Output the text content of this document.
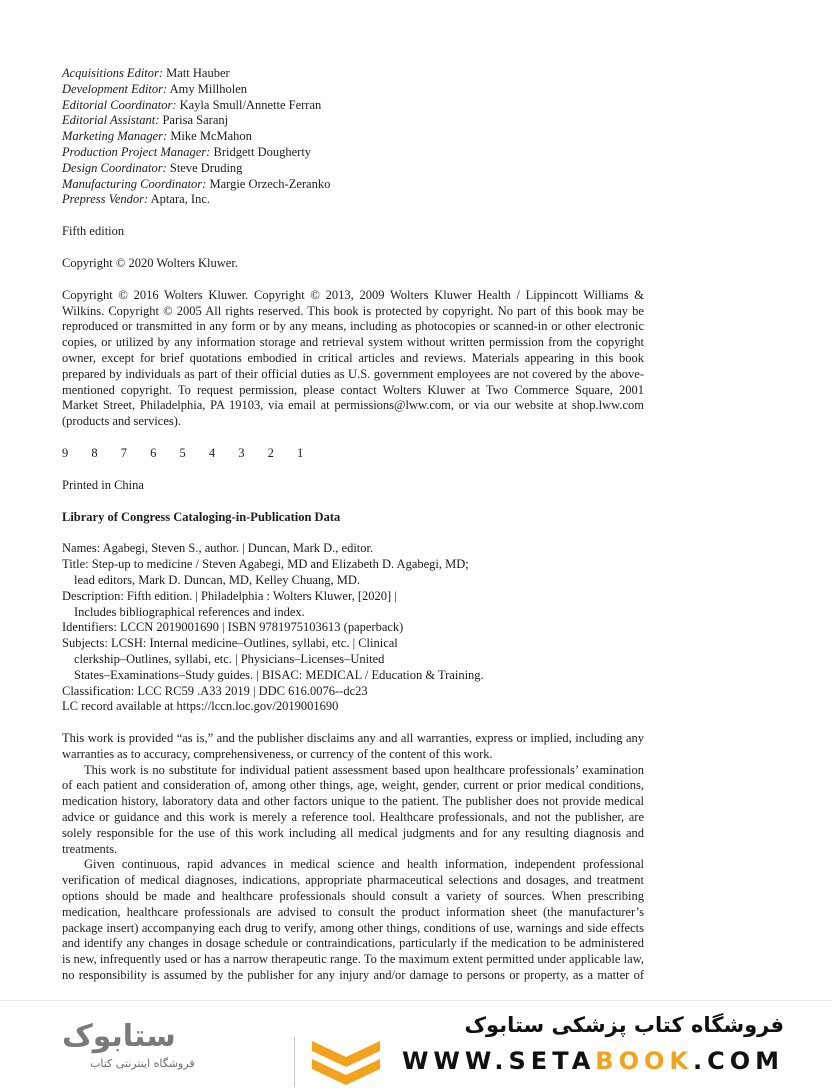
Acquisitions Editor: Matt Hauber
Development Editor: Amy Millholen
Editorial Coordinator: Kayla Smull/Annette Ferran
Editorial Assistant: Parisa Saranj
Marketing Manager: Mike McMahon
Production Project Manager: Bridgett Dougherty
Design Coordinator: Steve Druding
Manufacturing Coordinator: Margie Orzech-Zeranko
Prepress Vendor: Aptara, Inc.

Fifth edition

Copyright © 2020 Wolters Kluwer.

Copyright © 2016 Wolters Kluwer. Copyright © 2013, 2009 Wolters Kluwer Health / Lippincott Williams & Wilkins. Copyright © 2005 All rights reserved. This book is protected by copyright. No part of this book may be reproduced or transmitted in any form or by any means, including as photocopies or scanned-in or other electronic copies, or utilized by any information storage and retrieval system without written permission from the copyright owner, except for brief quotations embodied in critical articles and reviews. Materials appearing in this book prepared by individuals as part of their official duties as U.S. government employees are not covered by the above-mentioned copyright. To request permission, please contact Wolters Kluwer at Two Commerce Square, 2001 Market Street, Philadelphia, PA 19103, via email at permissions@lww.com, or via our website at shop.lww.com (products and services).

9 8 7 6 5 4 3 2 1

Printed in China

Library of Congress Cataloging-in-Publication Data

Names: Agabegi, Steven S., author. | Duncan, Mark D., editor.
Title: Step-up to medicine / Steven Agabegi, MD and Elizabeth D. Agabegi, MD;
lead editors, Mark D. Duncan, MD, Kelley Chuang, MD.
Description: Fifth edition. | Philadelphia : Wolters Kluwer, [2020] |
Includes bibliographical references and index.
Identifiers: LCCN 2019001690 | ISBN 9781975103613 (paperback)
Subjects: LCSH: Internal medicine–Outlines, syllabi, etc. | Clinical
clerkship–Outlines, syllabi, etc. | Physicians–Licenses–United
States–Examinations–Study guides. | BISAC: MEDICAL / Education & Training.
Classification: LCC RC59 .A33 2019 | DDC 616.0076--dc23
LC record available at https://lccn.loc.gov/2019001690

This work is provided “as is,” and the publisher disclaims any and all warranties, express or implied, including any warranties as to accuracy, comprehensiveness, or currency of the content of this work.

This work is no substitute for individual patient assessment based upon healthcare professionals’ examination of each patient and consideration of, among other things, age, weight, gender, current or prior medical conditions, medication history, laboratory data and other factors unique to the patient. The publisher does not provide medical advice or guidance and this work is merely a reference tool. Healthcare professionals, and not the publisher, are solely responsible for the use of this work including all medical judgments and for any resulting diagnosis and treatments.

Given continuous, rapid advances in medical science and health information, independent professional verification of medical diagnoses, indications, appropriate pharmaceutical selections and dosages, and treatment options should be made and healthcare professionals should consult a variety of sources. When prescribing medication, healthcare professionals are advised to consult the product information sheet (the manufacturer’s package insert) accompanying each drug to verify, among other things, conditions of use, warnings and side effects and identify any changes in dosage schedule or contraindications, particularly if the medication to be administered is new, infrequently used or has a narrow therapeutic range. To the maximum extent permitted under applicable law, no responsibility is assumed by the publisher for any injury and/or damage to persons or property, as a matter of

ستابوک
فروشگاه اینترنتی کتاب
فروشگاه کتاب پزشکی ستابوک
WWW.SETABOOK.COM
